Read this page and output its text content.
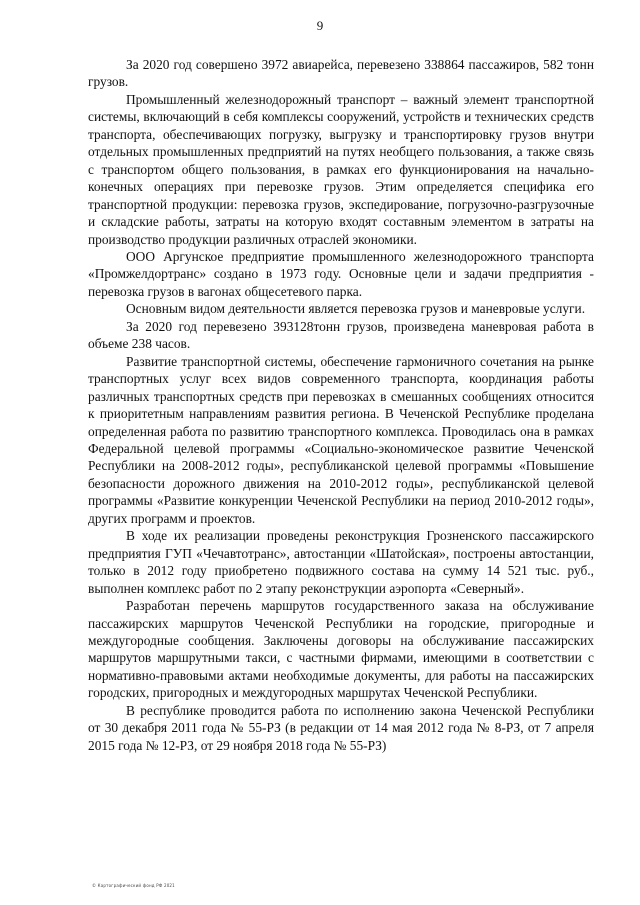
9

За 2020 год совершено 3972 авиарейса, перевезено 338864 пассажиров, 582 тонн грузов.

Промышленный железнодорожный транспорт – важный элемент транспортной системы, включающий в себя комплексы сооружений, устройств и технических средств транспорта, обеспечивающих погрузку, выгрузку и транспортировку грузов внутри отдельных промышленных предприятий на путях необщего пользования, а также связь с транспортом общего пользования, в рамках его функционирования на начально-конечных операциях при перевозке грузов. Этим определяется специфика его транспортной продукции: перевозка грузов, экспедирование, погрузочно-разгрузочные и складские работы, затраты на которую входят составным элементом в затраты на производство продукции различных отраслей экономики.

ООО Аргунское предприятие промышленного железнодорожного транспорта «Промжелдортранс» создано в 1973 году. Основные цели и задачи предприятия - перевозка грузов в вагонах общесетевого парка.

Основным видом деятельности является перевозка грузов и маневровые услуги.

За 2020 год перевезено 393128тонн грузов, произведена маневровая работа в объеме 238 часов.

Развитие транспортной системы, обеспечение гармоничного сочетания на рынке транспортных услуг всех видов современного транспорта, координация работы различных транспортных средств при перевозках в смешанных сообщениях относится к приоритетным направлениям развития региона. В Чеченской Республике проделана определенная работа по развитию транспортного комплекса. Проводилась она в рамках Федеральной целевой программы «Социально-экономическое развитие Чеченской Республики на 2008-2012 годы», республиканской целевой программы «Повышение безопасности дорожного движения на 2010-2012 годы», республиканской целевой программы «Развитие конкуренции Чеченской Республики на период 2010-2012 годы», других программ и проектов.

В ходе их реализации проведены реконструкция Грозненского пассажирского предприятия ГУП «Чечавтотранс», автостанции «Шатойская», построены автостанции, только в 2012 году приобретено подвижного состава на сумму 14 521 тыс. руб., выполнен комплекс работ по 2 этапу реконструкции аэропорта «Северный».

Разработан перечень маршрутов государственного заказа на обслуживание пассажирских маршрутов Чеченской Республики на городские, пригородные и междугородные сообщения. Заключены договоры на обслуживание пассажирских маршрутов маршрутными такси, с частными фирмами, имеющими в соответствии с нормативно-правовыми актами необходимые документы, для работы на пассажирских городских, пригородных и междугородных маршрутах Чеченской Республики.

В республике проводится работа по исполнению закона Чеченской Республики от 30 декабря 2011 года № 55-РЗ (в редакции от 14 мая 2012 года № 8-РЗ, от 7 апреля 2015 года № 12-РЗ, от 29 ноября 2018 года № 55-РЗ)

© Картографический фонд РФ 2021
